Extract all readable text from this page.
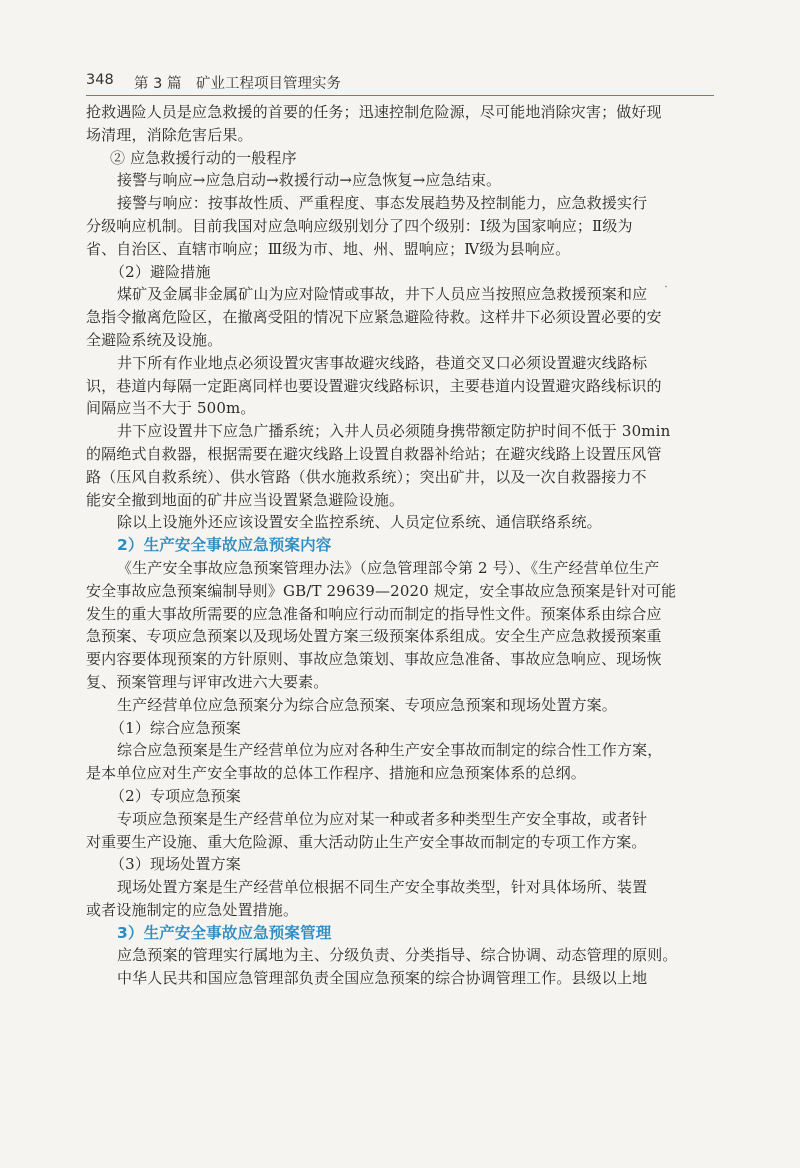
348 第 3 篇 矿业工程项目管理实务
抢救遇险人员是应急救援的首要的任务；迅速控制危险源，尽可能地消除灾害；做好现
场清理，消除危害后果。
② 应急救援行动的一般程序
接警与响应→应急启动→救援行动→应急恢复→应急结束。
接警与响应：按事故性质、严重程度、事态发展趋势及控制能力，应急救援实行
分级响应机制。目前我国对应急响应级别划分了四个级别：Ⅰ级为国家响应；Ⅱ级为
省、自治区、直辖市响应；Ⅲ级为市、地、州、盟响应；Ⅳ级为县响应。
（2）避险措施
煤矿及金属非金属矿山为应对险情或事故，井下人员应当按照应急救援预案和应
急指令撤离危险区，在撤离受阻的情况下应紧急避险待救。这样井下必须设置必要的安
全避险系统及设施。
井下所有作业地点必须设置灾害事故避灾线路，巷道交叉口必须设置避灾线路标
识，巷道内每隔一定距离同样也要设置避灾线路标识，主要巷道内设置避灾路线标识的
间隔应当不大于 500m。
井下应设置井下应急广播系统；入井人员必须随身携带额定防护时间不低于 30min
的隔绝式自救器，根据需要在避灾线路上设置自救器补给站；在避灾线路上设置压风管
路（压风自救系统）、供水管路（供水施救系统）；突出矿井，以及一次自救器接力不
能安全撤到地面的矿井应当设置紧急避险设施。
除以上设施外还应该设置安全监控系统、人员定位系统、通信联络系统。
2）生产安全事故应急预案内容
《生产安全事故应急预案管理办法》（应急管理部令第 2 号）、《生产经营单位生产
安全事故应急预案编制导则》GB/T 29639—2020 规定，安全事故应急预案是针对可能
发生的重大事故所需要的应急准备和响应行动而制定的指导性文件。预案体系由综合应
急预案、专项应急预案以及现场处置方案三级预案体系组成。安全生产应急救援预案重
要内容要体现预案的方针原则、事故应急策划、事故应急准备、事故应急响应、现场恢
复、预案管理与评审改进六大要素。
生产经营单位应急预案分为综合应急预案、专项应急预案和现场处置方案。
（1）综合应急预案
综合应急预案是生产经营单位为应对各种生产安全事故而制定的综合性工作方案，
是本单位应对生产安全事故的总体工作程序、措施和应急预案体系的总纲。
（2）专项应急预案
专项应急预案是生产经营单位为应对某一种或者多种类型生产安全事故，或者针
对重要生产设施、重大危险源、重大活动防止生产安全事故而制定的专项工作方案。
（3）现场处置方案
现场处置方案是生产经营单位根据不同生产安全事故类型，针对具体场所、装置
或者设施制定的应急处置措施。
3）生产安全事故应急预案管理
应急预案的管理实行属地为主、分级负责、分类指导、综合协调、动态管理的原则。
中华人民共和国应急管理部负责全国应急预案的综合协调管理工作。县级以上地
